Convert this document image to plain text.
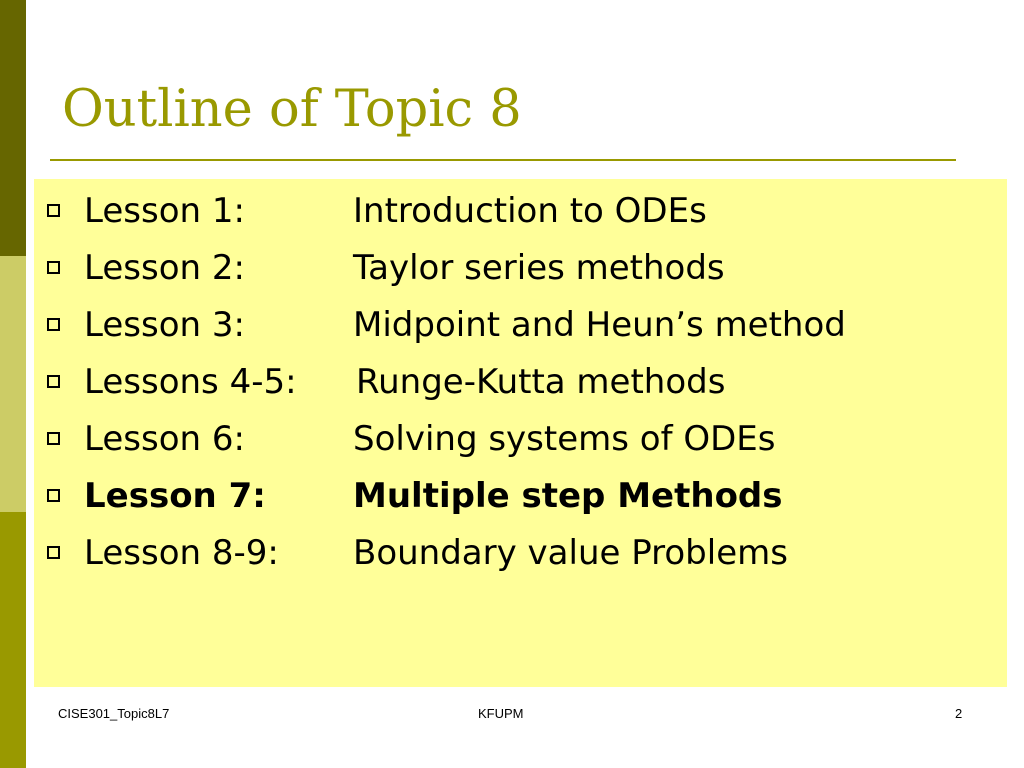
Outline of Topic 8
Lesson 1:	Introduction to ODEs
Lesson 2:	Taylor series methods
Lesson 3:	Midpoint and Heun’s method
Lessons 4-5: Runge-Kutta methods
Lesson 6:	Solving systems of ODEs
Lesson 7:	Multiple step Methods
Lesson 8-9: Boundary value Problems
CISE301_Topic8L7	KFUPM	2
